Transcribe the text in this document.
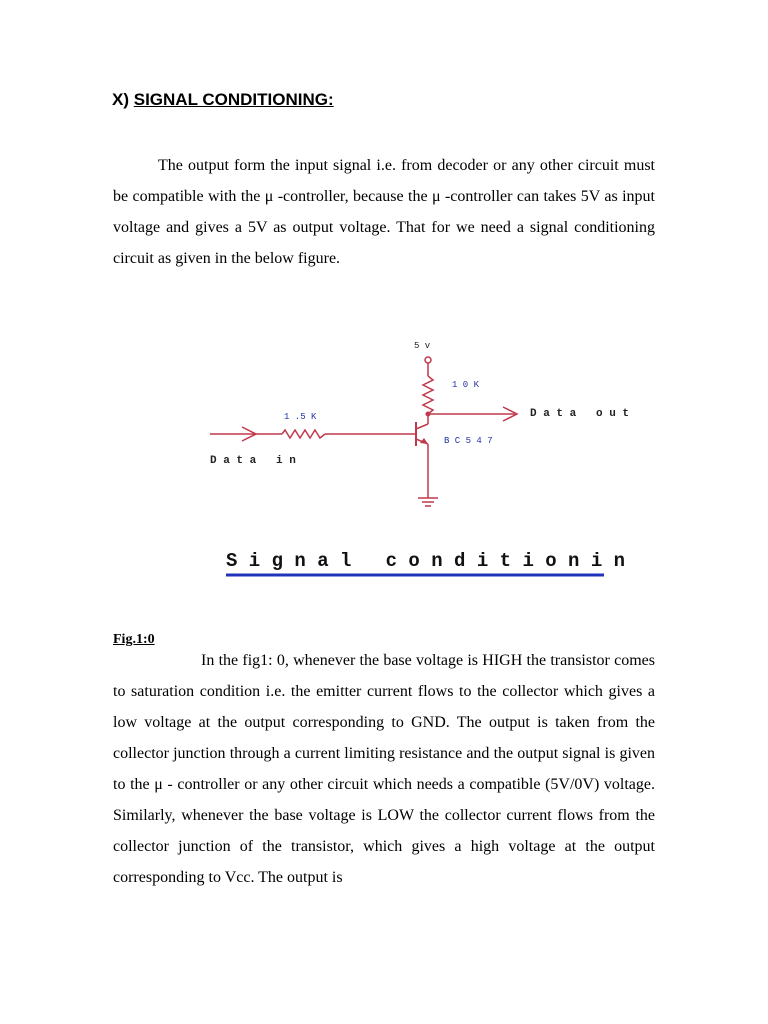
X) SIGNAL CONDITIONING:

The output form the input signal i.e. from decoder or any other circuit must be compatible with the μ -controller, because the μ -controller can takes 5V as input voltage and gives a 5V as output voltage. That for we need a signal conditioning circuit as given in the below figure.

5 v
1 0 K
D a t a   o u t
B C 5 4 7
1 .5 K
D a t a   i n
S i g n a l   c o n d i t i o n i n
Fig.1:0

In the fig1: 0, whenever the base voltage is HIGH the transistor comes to saturation condition i.e. the emitter current flows to the collector which gives a low voltage at the output corresponding to GND. The output is taken from the collector junction through a current limiting resistance and the output signal is given to the μ - controller or any other circuit which needs a compatible (5V/0V) voltage. Similarly, whenever the base voltage is LOW the collector current flows from the collector junction of the transistor, which gives a high voltage at the output corresponding to Vcc. The output is
